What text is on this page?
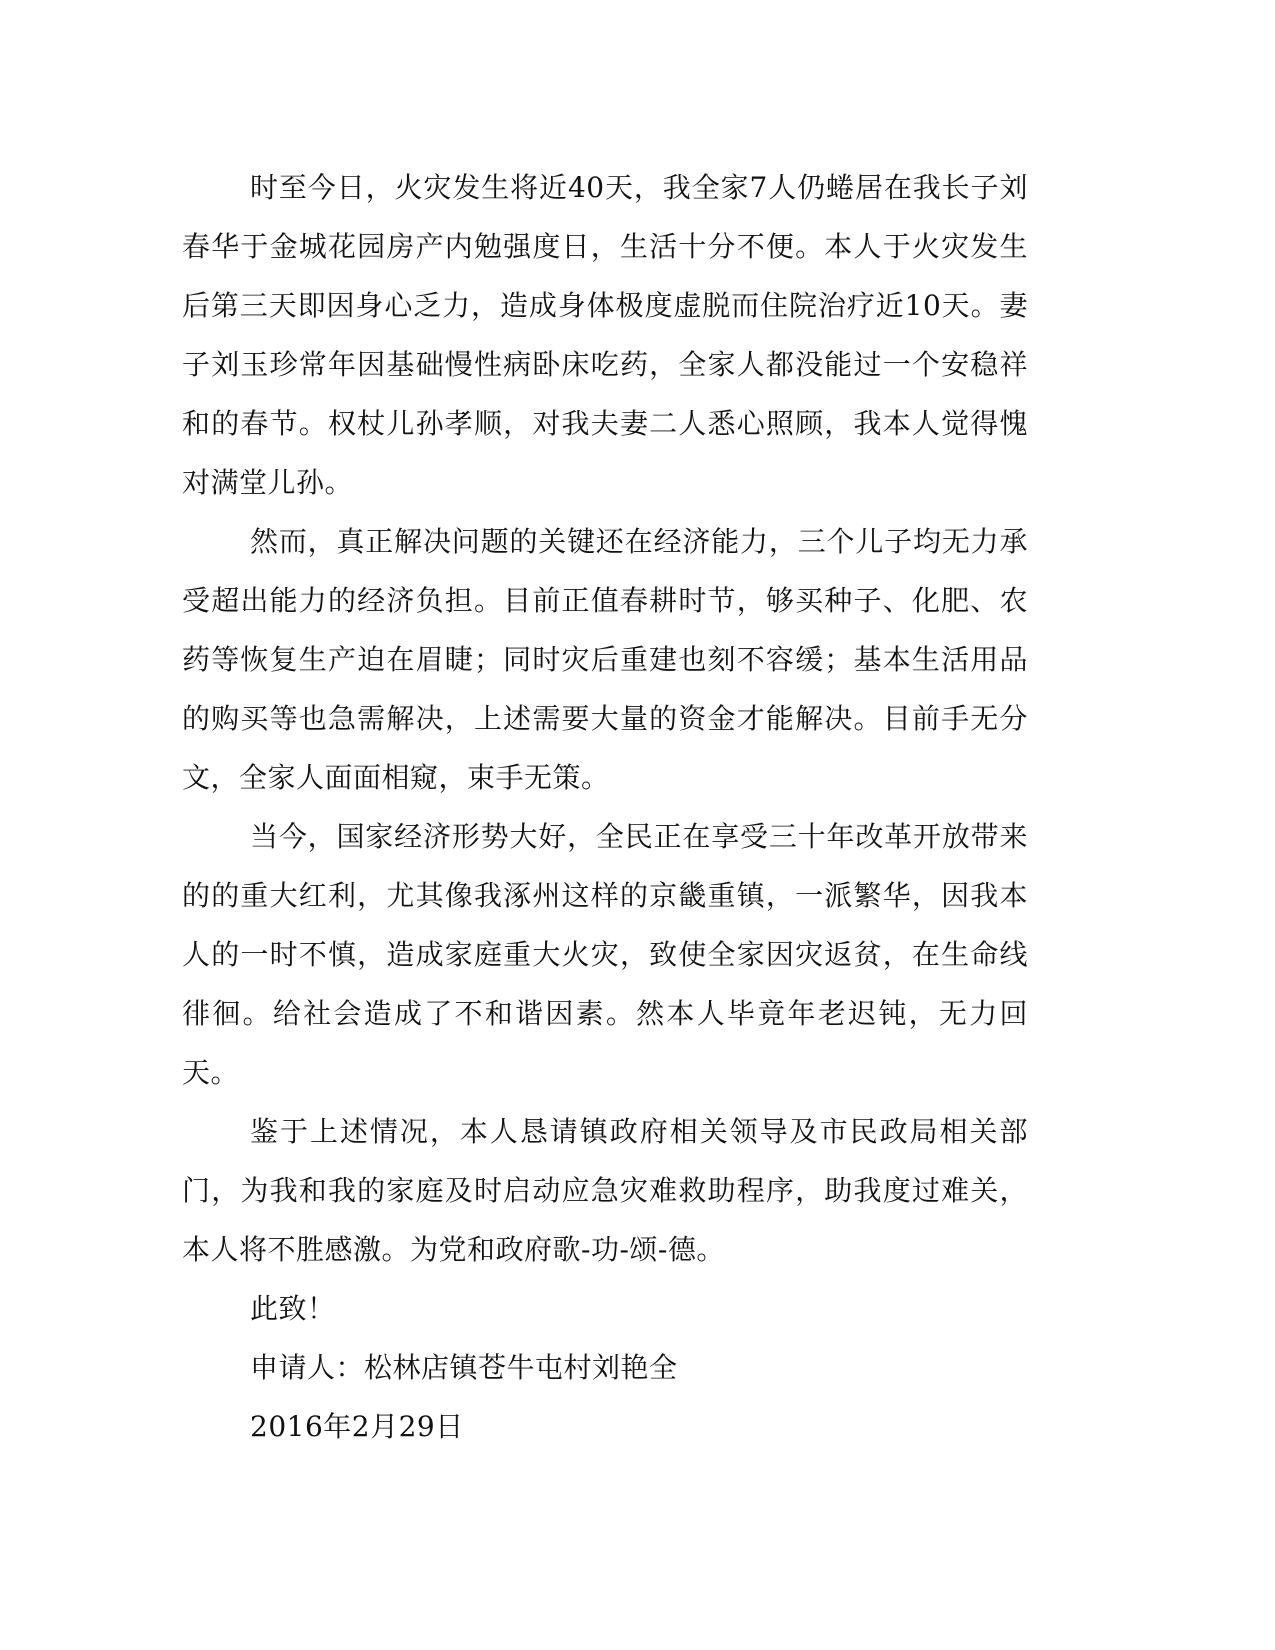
时至今日，火灾发生将近40天，我全家7人仍蜷居在我长子刘春华于金城花园房产内勉强度日，生活十分不便。本人于火灾发生后第三天即因身心乏力，造成身体极度虚脱而住院治疗近10天。妻子刘玉珍常年因基础慢性病卧床吃药，全家人都没能过一个安稳祥和的春节。权杖儿孙孝顺，对我夫妻二人悉心照顾，我本人觉得愧对满堂儿孙。

然而，真正解决问题的关键还在经济能力，三个儿子均无力承受超出能力的经济负担。目前正值春耕时节，够买种子、化肥、农药等恢复生产迫在眉睫；同时灾后重建也刻不容缓；基本生活用品的购买等也急需解决，上述需要大量的资金才能解决。目前手无分文，全家人面面相窥，束手无策。

当今，国家经济形势大好，全民正在享受三十年改革开放带来的的重大红利，尤其像我涿州这样的京畿重镇，一派繁华，因我本人的一时不慎，造成家庭重大火灾，致使全家因灾返贫，在生命线徘徊。给社会造成了不和谐因素。然本人毕竟年老迟钝，无力回天。

鉴于上述情况，本人恳请镇政府相关领导及市民政局相关部门，为我和我的家庭及时启动应急灾难救助程序，助我度过难关，本人将不胜感激。为党和政府歌-功-颂-德。

此致！

申请人：松林店镇苍牛屯村刘艳全

2016年2月29日
